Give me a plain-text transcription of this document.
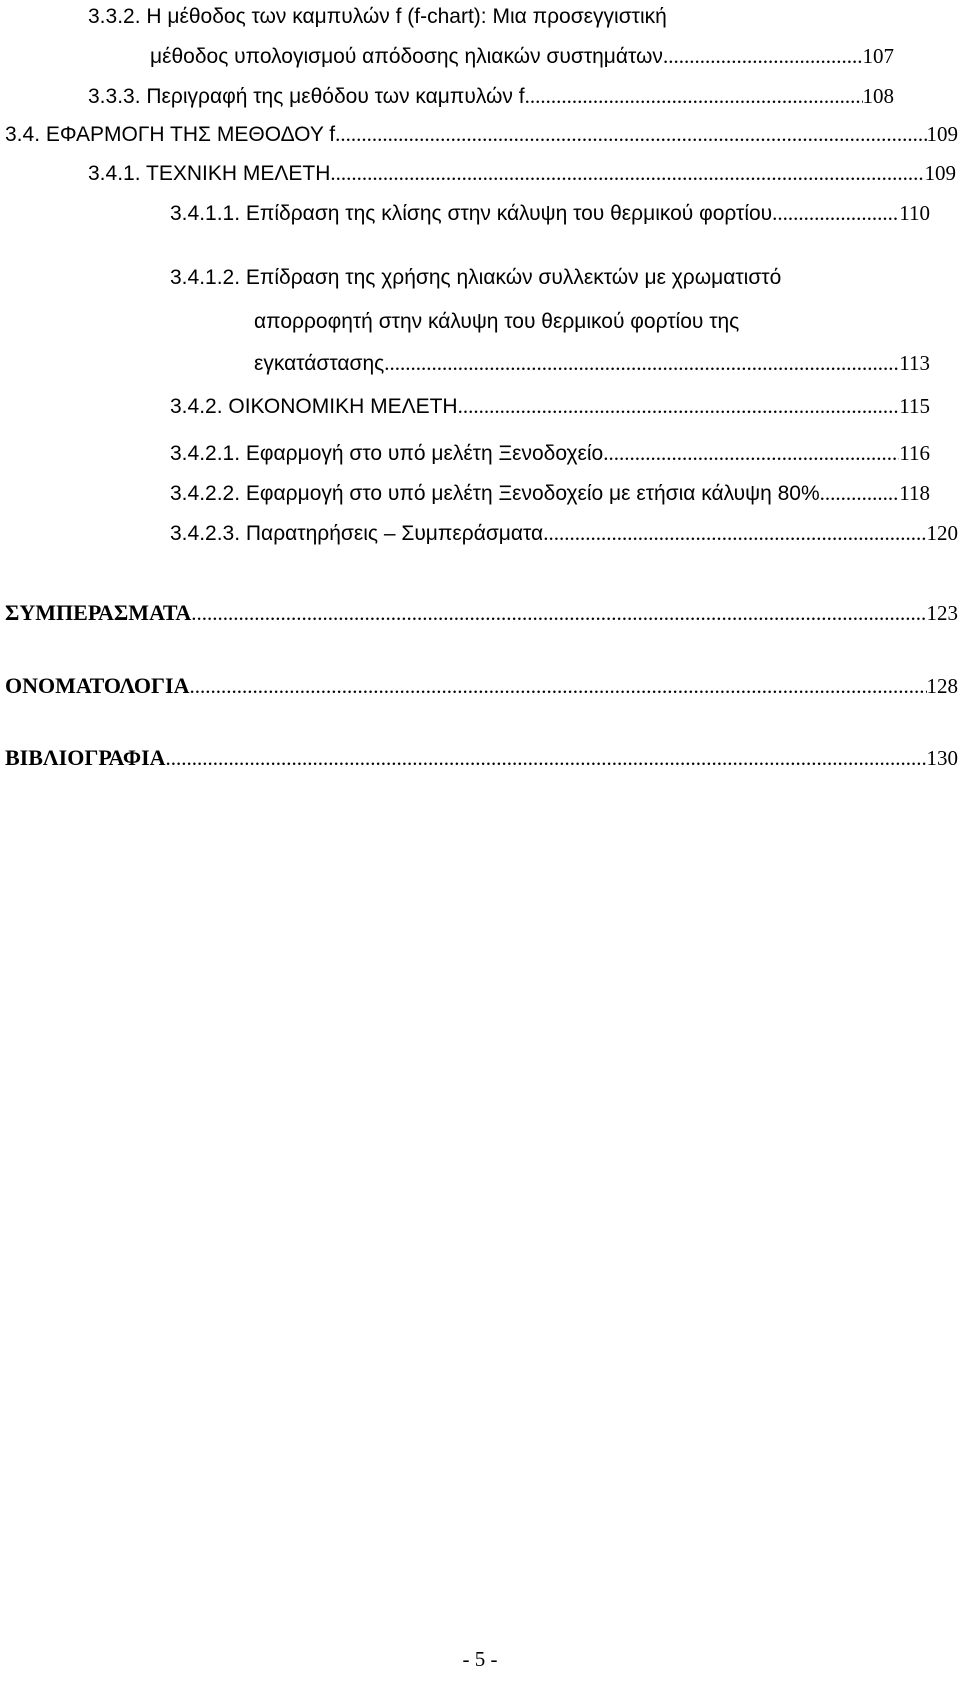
3.3.2. Η μέθοδος των καμπυλών f (f-chart): Μια προσεγγιστική
μέθοδος υπολογισμού απόδοσης ηλιακών συστημάτων .....	107
3.3.3. Περιγραφή της μεθόδου των καμπυλών f .....	108
3.4. ΕΦΑΡΜΟΓΗ ΤΗΣ ΜΕΘΟΔΟΥ f .....	109
3.4.1. ΤΕΧΝΙΚΗ ΜΕΛΕΤΗ .....	109
3.4.1.1. Επίδραση της κλίσης στην κάλυψη του θερμικού φορτίου .....	110
3.4.1.2. Επίδραση της χρήσης ηλιακών συλλεκτών με χρωματιστό
απορροφητή στην κάλυψη του θερμικού φορτίου της
εγκατάστασης .....	113
3.4.2. ΟΙΚΟΝΟΜΙΚΗ ΜΕΛΕΤΗ .....	115
3.4.2.1. Εφαρμογή στο υπό μελέτη Ξενοδοχείο .....	116
3.4.2.2. Εφαρμογή στο υπό μελέτη Ξενοδοχείο με ετήσια κάλυψη 80% .....	118
3.4.2.3. Παρατηρήσεις – Συμπεράσματα .....	120
ΣΥΜΠΕΡΑΣΜΑΤΑ .....	123
ΟΝΟΜΑΤΟΛΟΓΙΑ .....	128
ΒΙΒΛΙΟΓΡΑΦΙΑ .....	130
- 5 -
